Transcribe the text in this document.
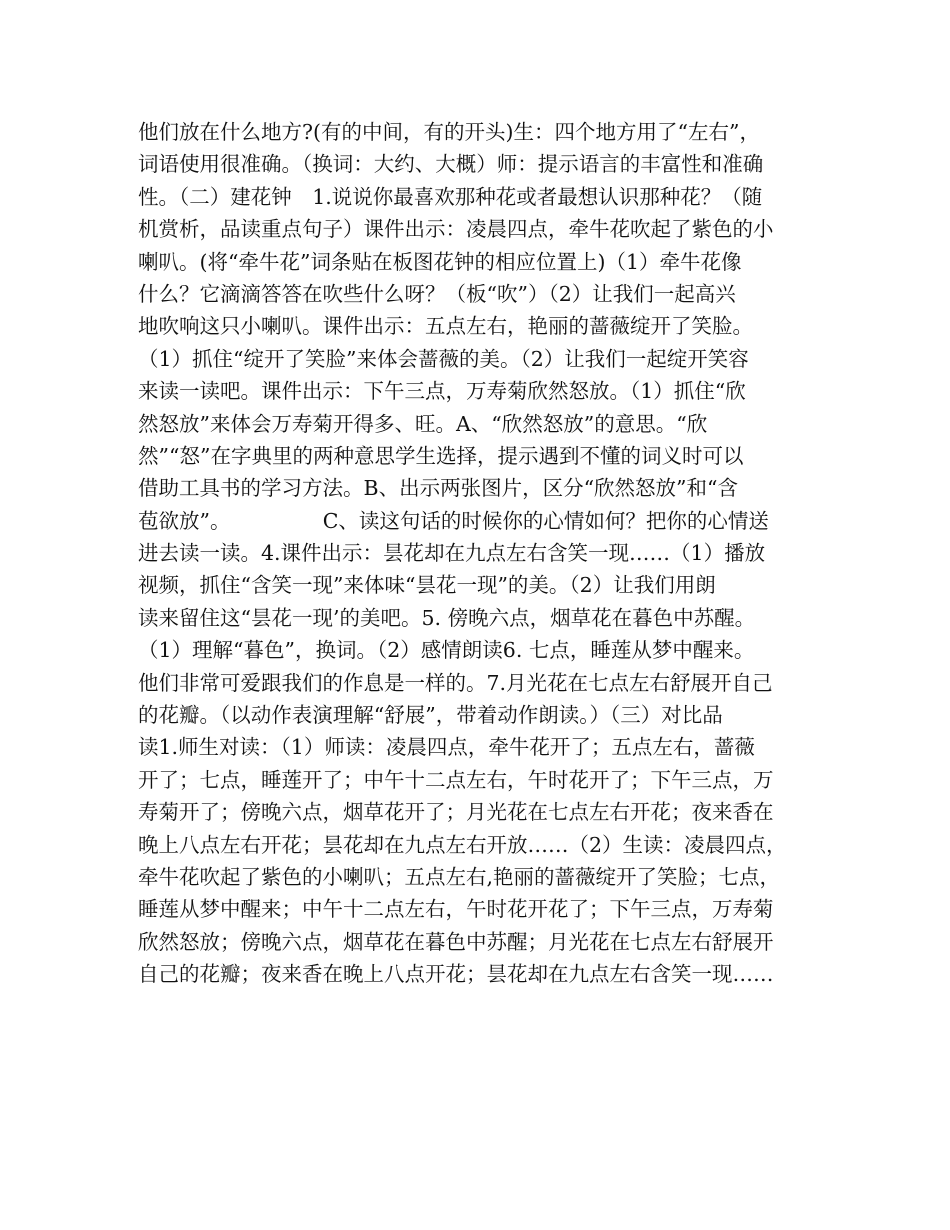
他们放在什么地方?(有的中间，有的开头)生：四个地方用了“左右”，
词语使用很准确。（换词：大约、大概）师：提示语言的丰富性和准确
性。（二）建花钟　1.说说你最喜欢那种花或者最想认识那种花？（随
机赏析，品读重点句子）课件出示：凌晨四点，牵牛花吹起了紫色的小
喇叭。(将“牵牛花”词条贴在板图花钟的相应位置上)（1）牵牛花像
什么？它滴滴答答在吹些什么呀？（板“吹”）（2）让我们一起高兴
地吹响这只小喇叭。课件出示：五点左右，艳丽的蔷薇绽开了笑脸。
（1）抓住“绽开了笑脸”来体会蔷薇的美。（2）让我们一起绽开笑容
来读一读吧。课件出示：下午三点，万寿菊欣然怒放。（1）抓住“欣
然怒放”来体会万寿菊开得多、旺。A、“欣然怒放”的意思。“欣
然”“怒”在字典里的两种意思学生选择，提示遇到不懂的词义时可以
借助工具书的学习方法。B、出示两张图片，区分“欣然怒放”和“含
苞欲放”。　　　　　C、读这句话的时候你的心情如何？把你的心情送
进去读一读。4.课件出示：昙花却在九点左右含笑一现……（1）播放
视频，抓住“含笑一现”来体味“昙花一现”的美。（2）让我们用朗
读来留住这“昙花一现’的美吧。5. 傍晚六点，烟草花在暮色中苏醒。
（1）理解“暮色”，换词。（2）感情朗读6. 七点，睡莲从梦中醒来。
他们非常可爱跟我们的作息是一样的。7.月光花在七点左右舒展开自己
的花瓣。（以动作表演理解“舒展”，带着动作朗读。）（三）对比品
读1.师生对读：（1）师读：凌晨四点，牵牛花开了；五点左右，蔷薇
开了；七点，睡莲开了；中午十二点左右，午时花开了；下午三点，万
寿菊开了；傍晚六点，烟草花开了；月光花在七点左右开花；夜来香在
晚上八点左右开花；昙花却在九点左右开放……（2）生读：凌晨四点，
牵牛花吹起了紫色的小喇叭；五点左右,艳丽的蔷薇绽开了笑脸；七点，
睡莲从梦中醒来；中午十二点左右，午时花开花了；下午三点，万寿菊
欣然怒放；傍晚六点，烟草花在暮色中苏醒；月光花在七点左右舒展开
自己的花瓣；夜来香在晚上八点开花；昙花却在九点左右含笑一现……
